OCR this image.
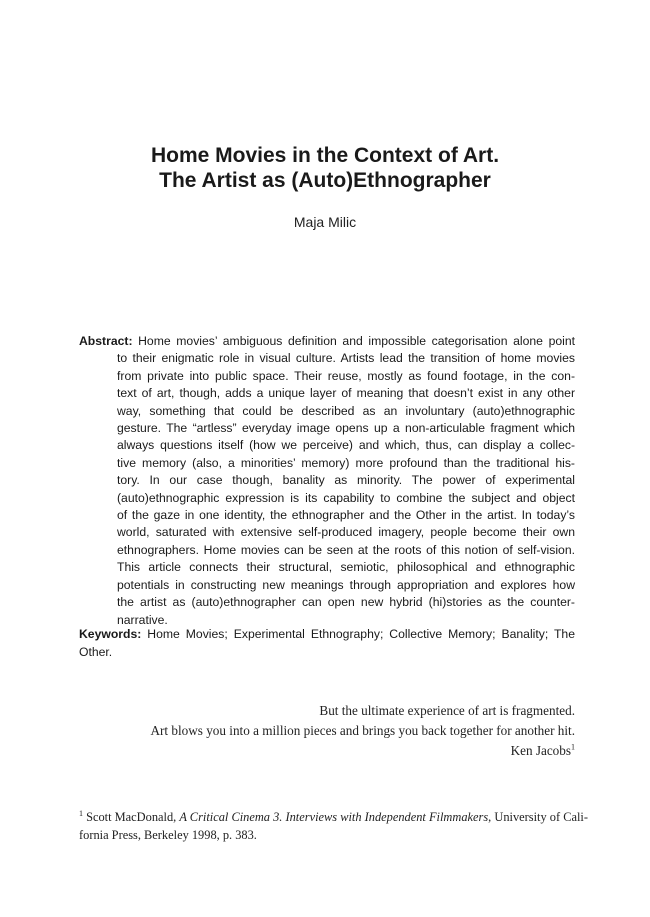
Home Movies in the Context of Art.
The Artist as (Auto)Ethnographer
Maja Milic
Abstract: Home movies’ ambiguous definition and impossible categorisation alone point
to their enigmatic role in visual culture. Artists lead the transition of home movies
from private into public space. Their reuse, mostly as found footage, in the con-
text of art, though, adds a unique layer of meaning that doesn’t exist in any other
way, something that could be described as an involuntary (auto)ethnographic
gesture. The “artless” everyday image opens up a non-articulable fragment which
always questions itself (how we perceive) and which, thus, can display a collec-
tive memory (also, a minorities’ memory) more profound than the traditional his-
tory. In our case though, banality as minority. The power of experimental
(auto)ethnographic expression is its capability to combine the subject and object
of the gaze in one identity, the ethnographer and the Other in the artist. In today’s
world, saturated with extensive self-produced imagery, people become their own
ethnographers. Home movies can be seen at the roots of this notion of self-vision.
This article connects their structural, semiotic, philosophical and ethnographic
potentials in constructing new meanings through appropriation and explores how
the artist as (auto)ethnographer can open new hybrid (hi)stories as the counter-
narrative.
Keywords: Home Movies; Experimental Ethnography; Collective Memory; Banality; The
Other.
But the ultimate experience of art is fragmented.
Art blows you into a million pieces and brings you back together for another hit.
Ken Jacobs$^1$
$^1$ Scott MacDonald, A Critical Cinema 3. Interviews with Independent Filmmakers, University of Cali-
fornia Press, Berkeley 1998, p. 383.
